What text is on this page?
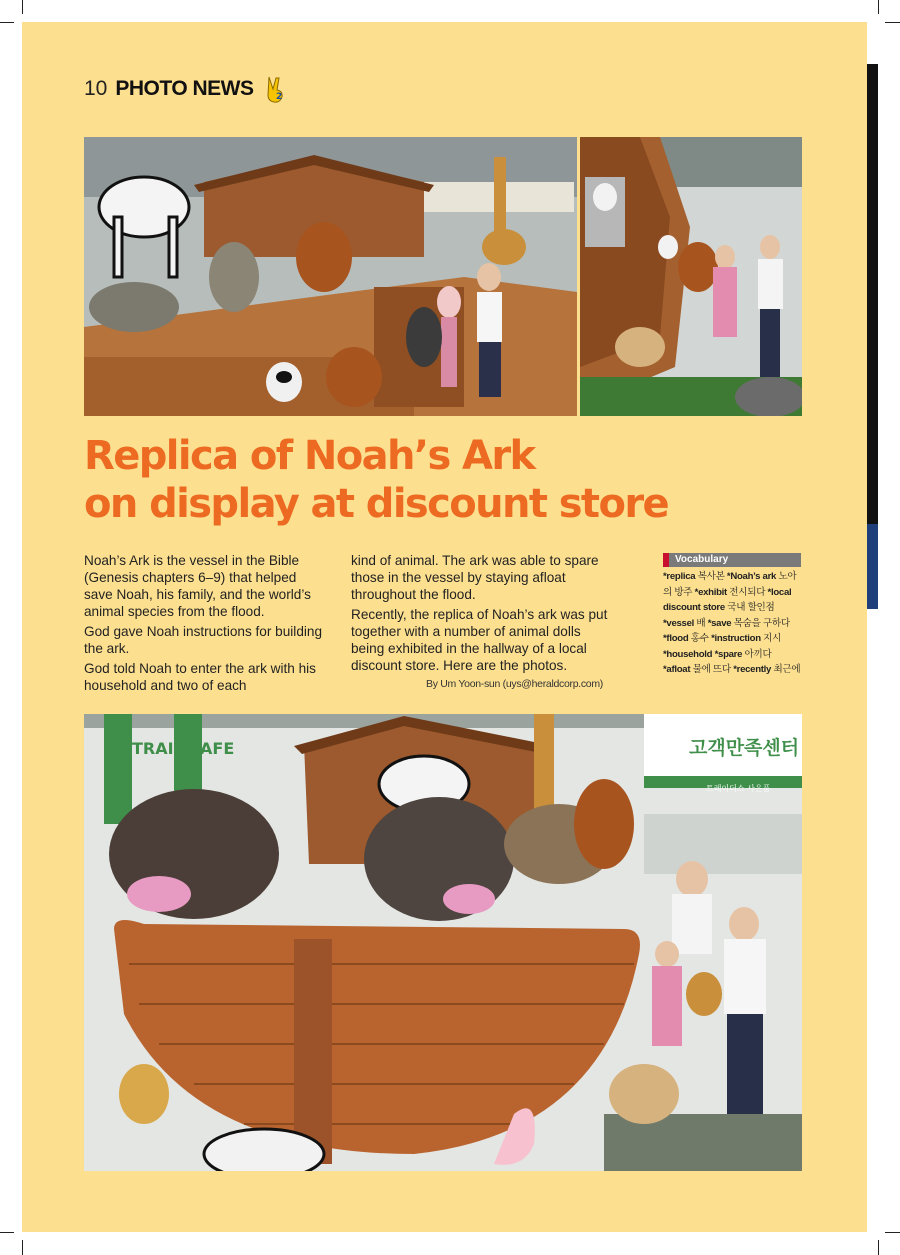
10 PHOTO NEWS	2
Replica of Noah’s Ark
on display at discount store

Noah’s Ark is the vessel in the Bible (Genesis chapters 6–9) that helped save Noah, his family, and the world’s animal species from the flood.

God gave Noah instructions for building the ark.

God told Noah to enter the ark with his household and two of each

kind of animal. The ark was able to spare those in the vessel by staying afloat throughout the flood.

Recently, the replica of Noah’s ark was put together with a number of animal dolls being exhibited in the hallway of a local discount store. Here are the photos.

By Um Yoon-sun (uys@heraldcorp.com)
Vocabulary
*replica 복사본 *Noah’s ark 노아의 방주 *exhibit 전시되다 *local discount store 국내 할인점 *vessel 배 *save 목숨을 구하다 *flood 홍수 *instruction 지시 *household *spare 아끼다 *afloat 물에 뜨다 *recently 최근에
TRAI AFE	고객만족센터
트레이더스 사은품
